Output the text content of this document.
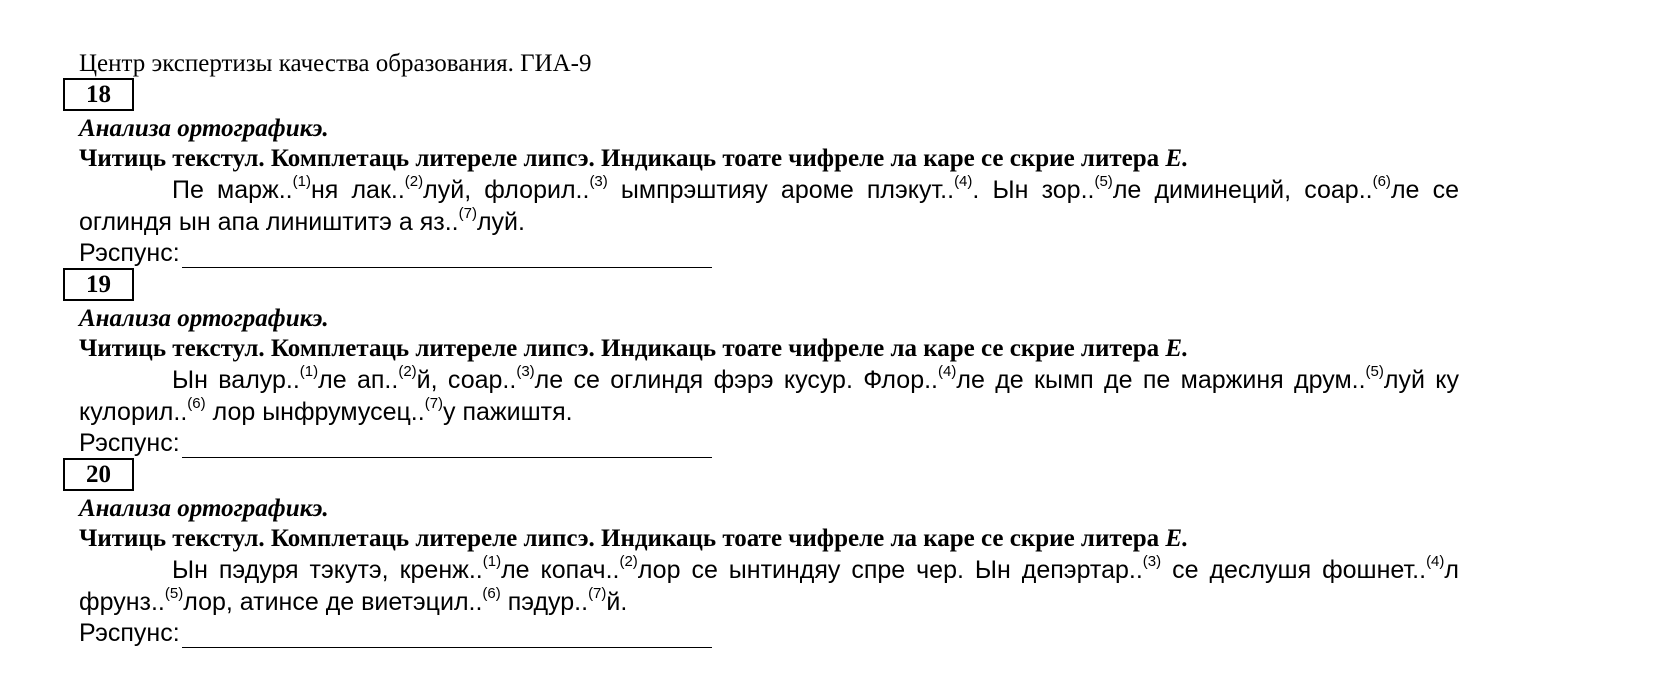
Центр экспертизы качества образования. ГИА-9
18
Анализа ортографикэ.
Читиць текстул. Комплетаць литереле липсэ. Индикаць тоате чифреле ла каре се скрие литера Е.
Пе марж..$^{(1)}$ня лак..$^{(2)}$луй, флорил..$^{(3)}$ ымпрэштияу ароме плэкут..$^{(4)}$. Ын зор..$^{(5)}$ле диминеций, соар..$^{(6)}$ле се оглиндя ын апа лиништитэ а яз..$^{(7)}$луй.
Рэспунс:
19
Анализа ортографикэ.
Читиць текстул. Комплетаць литереле липсэ. Индикаць тоате чифреле ла каре се скрие литера Е.
Ын валур..$^{(1)}$ле ап..$^{(2)}$й, соар..$^{(3)}$ле се оглиндя фэрэ кусур. Флор..$^{(4)}$ле де кымп де пе маржиня друм..$^{(5)}$луй ку кулорил..$^{(6)}$ лор ынфрумусец..$^{(7)}$у пажиштя.
Рэспунс:
20
Анализа ортографикэ.
Читиць текстул. Комплетаць литереле липсэ. Индикаць тоате чифреле ла каре се скрие литера Е.
Ын пэдуря тэкутэ, кренж..$^{(1)}$ле копач..$^{(2)}$лор се ынтиндяу спре чер. Ын депэртар..$^{(3)}$ се деслушя фошнет..$^{(4)}$л фрунз..$^{(5)}$лор, атинсе де виетэцил..$^{(6)}$ пэдур..$^{(7)}$й.
Рэспунс:
